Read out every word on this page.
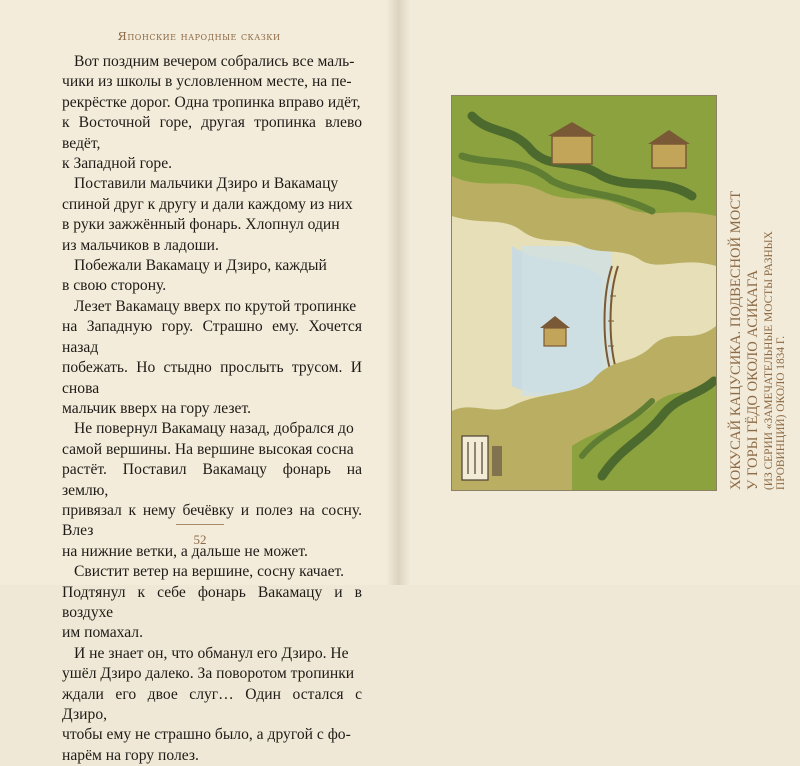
Японские народные сказки
Вот поздним вечером собрались все маль-
чики из школы в условленном месте, на пе-
рекрёстке дорог. Одна тропинка вправо идёт,
к Восточной горе, другая тропинка влево ведёт,
к Западной горе.
Поставили мальчики Дзиро и Вакамацу
спиной друг к другу и дали каждому из них
в руки зажжённый фонарь. Хлопнул один
из мальчиков в ладоши.
Побежали Вакамацу и Дзиро, каждый
в свою сторону.
Лезет Вакамацу вверх по крутой тропинке
на Западную гору. Страшно ему. Хочется назад
побежать. Но стыдно прослыть трусом. И снова
мальчик вверх на гору лезет.
Не повернул Вакамацу назад, добрался до
самой вершины. На вершине высокая сосна
растёт. Поставил Вакамацу фонарь на землю,
привязал к нему бечёвку и полез на сосну. Влез
на нижние ветки, а дальше не может.
Свистит ветер на вершине, сосну качает.
Подтянул к себе фонарь Вакамацу и в воздухе
им помахал.
И не знает он, что обманул его Дзиро. Не
ушёл Дзиро далеко. За поворотом тропинки
ждали его двое слуг… Один остался с Дзиро,
чтобы ему не страшно было, а другой с фо-
нарём на гору полез.
52
ХОКУСАЙ КАЦУСИКА. ПОДВЕСНОЙ МОСТ У ГОРЫ ГЁДО ОКОЛО АСИКАГА (ИЗ СЕРИИ «ЗАМЕЧАТЕЛЬНЫЕ МОСТЫ РАЗНЫХ ПРОВИНЦИЙ) ОКОЛО 1834 Г.
